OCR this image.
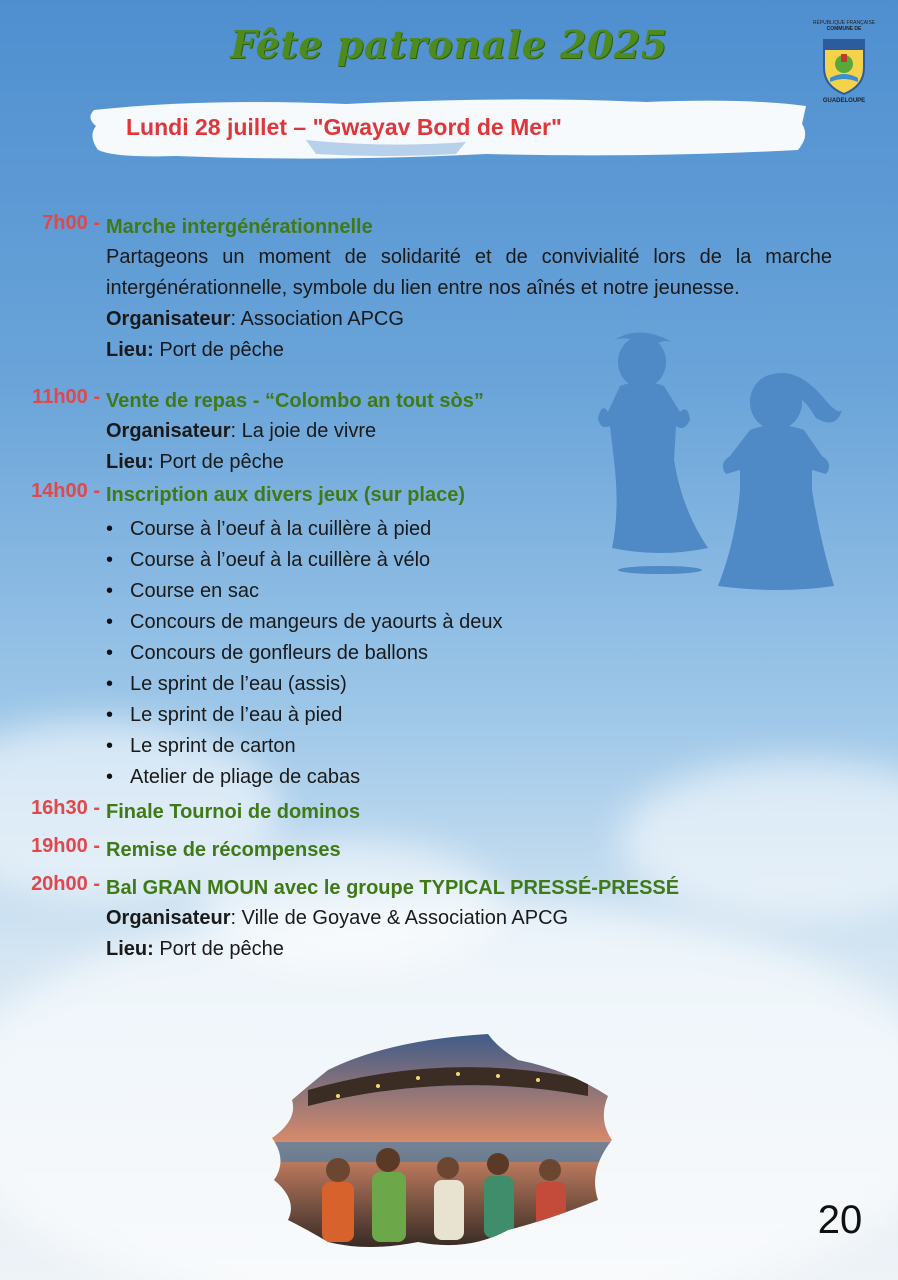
Fête patronale 2025	RÉPUBLIQUE FRANÇAISE
COMMUNE DE
GUADELOUPE
Lundi 28 juillet – "Gwayav Bord de Mer"
7h00 - Marche intergénérationnelle
Partageons un moment de solidarité et de convivialité lors de la marche intergénérationnelle, symbole du lien entre nos aînés et notre jeunesse.
Organisateur: Association APCG
Lieu: Port de pêche
11h00 - Vente de repas - “Colombo an tout sòs”
Organisateur: La joie de vivre
Lieu: Port de pêche
14h00 - Inscription aux divers jeux (sur place)
• Course à l’oeuf à la cuillère à pied
• Course à l’oeuf à la cuillère à vélo
• Course en sac
• Concours de mangeurs de yaourts à deux
• Concours de gonfleurs de ballons
• Le sprint de l’eau (assis)
• Le sprint de l’eau à pied
• Le sprint de carton
• Atelier de pliage de cabas
16h30 - Finale Tournoi de dominos
19h00 - Remise de récompenses
20h00 - Bal GRAN MOUN avec le groupe TYPICAL PRESSÉ-PRESSÉ
Organisateur: Ville de Goyave & Association APCG
Lieu: Port de pêche
20
